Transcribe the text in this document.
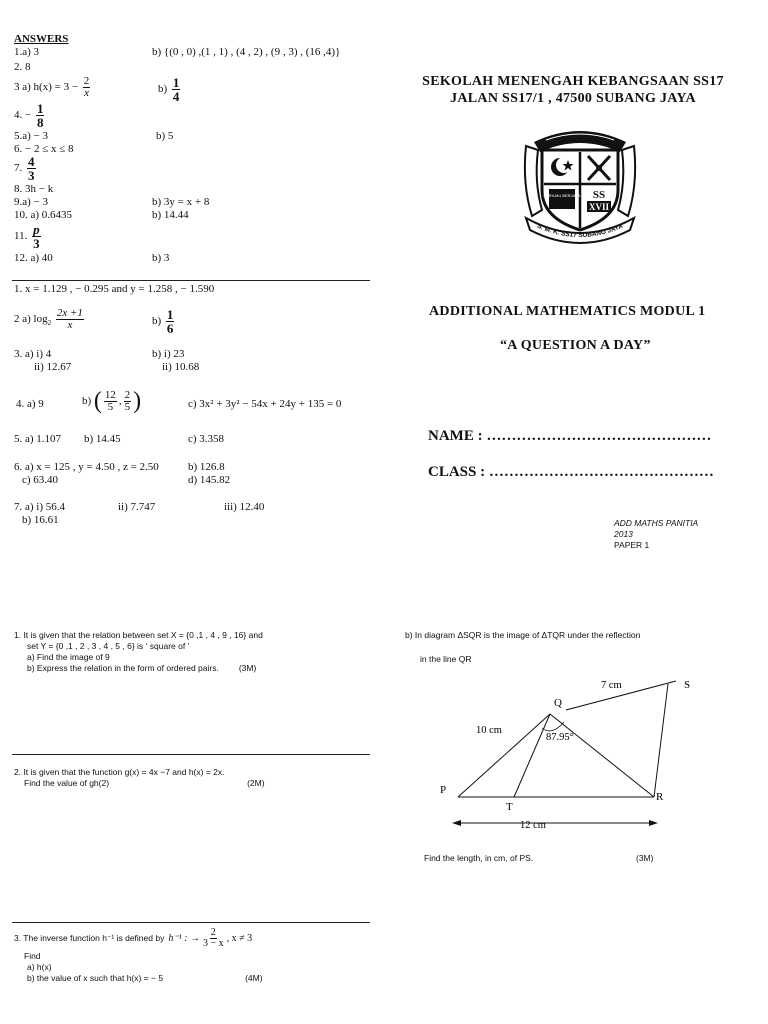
ANSWERS
1.a) 3	b) {(0 , 0) ,(1 , 1) , (4 , 2) , (9 , 3) , (16 ,4)}
2. 8
3 a) $h(x) = 3 - \frac{2}{x}$	$b) \frac{1}{4}$
4. − $\frac{1}{8}$
5.a) − 3	b) 5
6. − 2 ≤ x ≤ 8
7. $\frac{4}{3}$
8. 3h − k
9.a) − 3	b) 3y = x + 8
10. a) 0.6435	b) 14.44
11. $\frac{p}{3}$
12. a) 40	b) 3
1. x = 1.129 , − 0.295 and y = 1.258 , − 1.590
2 a) $\log_2 \frac{2x +1}{x}$	$b) \frac{1}{6}$
3. a) i) 4
ii) 12.67
b) i) 23
ii) 10.68
4. a) 9	b) ( $\frac{12}{5}$ , $\frac{2}{5}$ )	c) 3x² + 3y² − 54x + 24y + 135 = 0
5. a) 1.107 b) 14.45	c) 3.358
6. a) x = 125 , y = 4.50 , z = 2.50	b) 126.8
c) 63.40	d) 145.82
7. a) i) 56.4	ii) 7.747	iii) 12.40
b) 16.61
SEKOLAH MENENGAH KEBANGSAAN SS17
JALAN SS17/1 , 47500 SUBANG JAYA
BERILMU BERJASA SS
XVII
S. M. K. SS17 SUBANG JAYA
ADDITIONAL MATHEMATICS MODUL 1
“A QUESTION A DAY”
NAME : ………………………………………
CLASS : ………………………………………
ADD MATHS PANITIA
2013
PAPER 1
1. It is given that the relation between set X = {0 ,1 , 4 , 9 , 16} and
set Y = {0 ,1 , 2 , 3 , 4 , 5 , 6} is ‘ square of ’
a) Find the image of 9
b) Express the relation in the form of ordered pairs. (3M)
2. It is given that the function g(x) = 4x −7 and h(x) = 2x.
Find the value of gh(2)	(2M)
3. The inverse function h⁻¹ is defined by h⁻¹ : → $\frac{2}{3 - x}$ , x ≠ 3
Find
a) h(x)
b) the value of x such that h(x) = − 5	(4M)
b) In diagram ΔSQR is the image of ΔTQR under the reflection
in the line QR
Q
S
P
T
R
7 cm
10 cm
87.95°
12 cm
Find the length, in cm, of PS.	(3M)
